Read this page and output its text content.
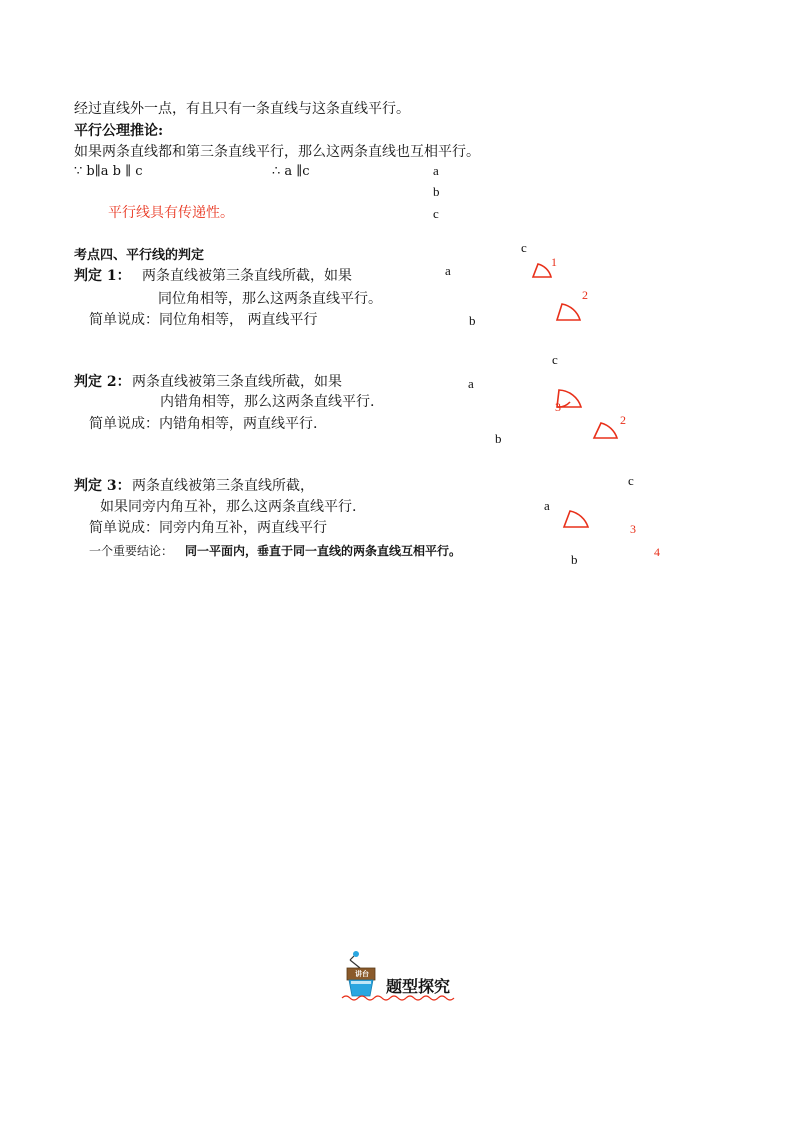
经过直线外一点，有且只有一条直线与这条直线平行。
平行公理推论:
如果两条直线都和第三条直线平行，那么这两条直线也互相平行。
∵ b∥a b ∥ c	∴ a ∥c
平行线具有传递性。
a
b
c
考点四、平行线的判定
判定 1： 两条直线被第三条直线所截，如果
同位角相等，那么这两条直线平行。
简单说成：同位角相等， 两直线平行
c
a
b
1
2
判定 2： 两条直线被第三条直线所截，如果
内错角相等，那么这两条直线平行.
简单说成：内错角相等，两直线平行.
c
a
b
3
2
判定 3： 两条直线被第三条直线所截，
如果同旁内角互补，那么这两条直线平行.
简单说成：同旁内角互补，两直线平行
一个重要结论： 同一平面内，垂直于同一直线的两条直线互相平行。
c
a
b
3
4
讲台
题型探究
